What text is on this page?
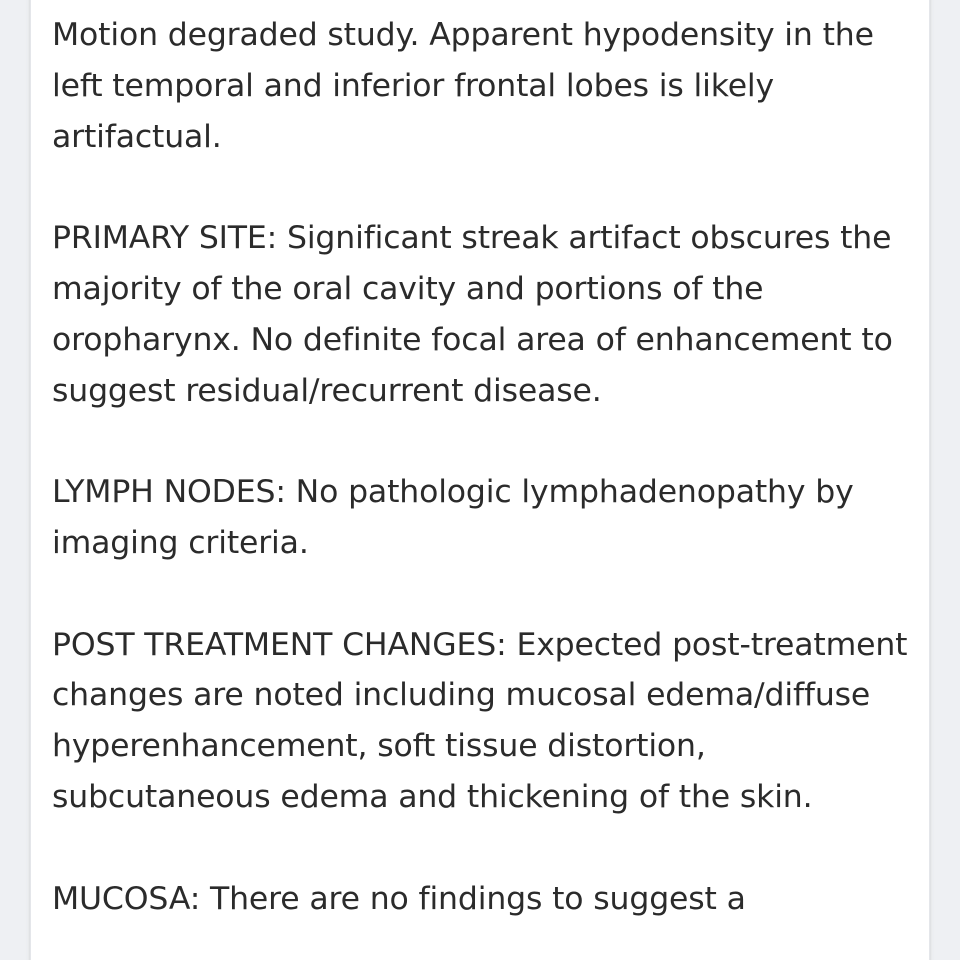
Motion degraded study. Apparent hypodensity in the left temporal and inferior frontal lobes is likely artifactual.

PRIMARY SITE: Significant streak artifact obscures the majority of the oral cavity and portions of the oropharynx. No definite focal area of enhancement to suggest residual/recurrent disease.

LYMPH NODES: No pathologic lymphadenopathy by imaging criteria.

POST TREATMENT CHANGES: Expected post-treatment changes are noted including mucosal edema/diffuse hyperenhancement, soft tissue distortion, subcutaneous edema and thickening of the skin.

MUCOSA: There are no findings to suggest a
